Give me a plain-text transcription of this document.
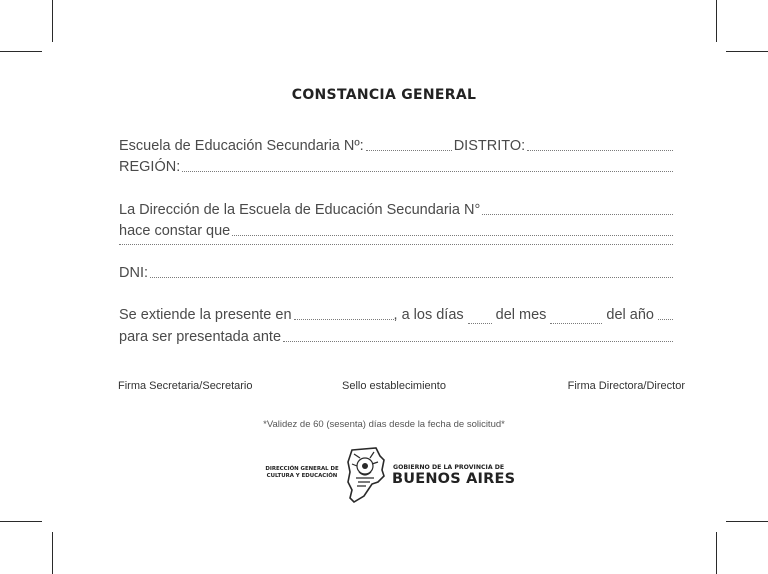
CONSTANCIA GENERAL
Escuela de Educación Secundaria Nº:	DISTRITO:
REGIÓN:
La Dirección de la Escuela de Educación Secundaria N°
hace constar que
DNI:
Se extiende la presente en	, a los días del mes	del año
para ser presentada ante
Firma Secretaria/Secretario	Sello establecimiento	Firma Directora/Director
*Validez de 60 (sesenta) días desde la fecha de solicitud*
DIRECCIÓN GENERAL DE
CULTURA Y EDUCACIÓN
GOBIERNO DE LA PROVINCIA DE
BUENOS AIRES
